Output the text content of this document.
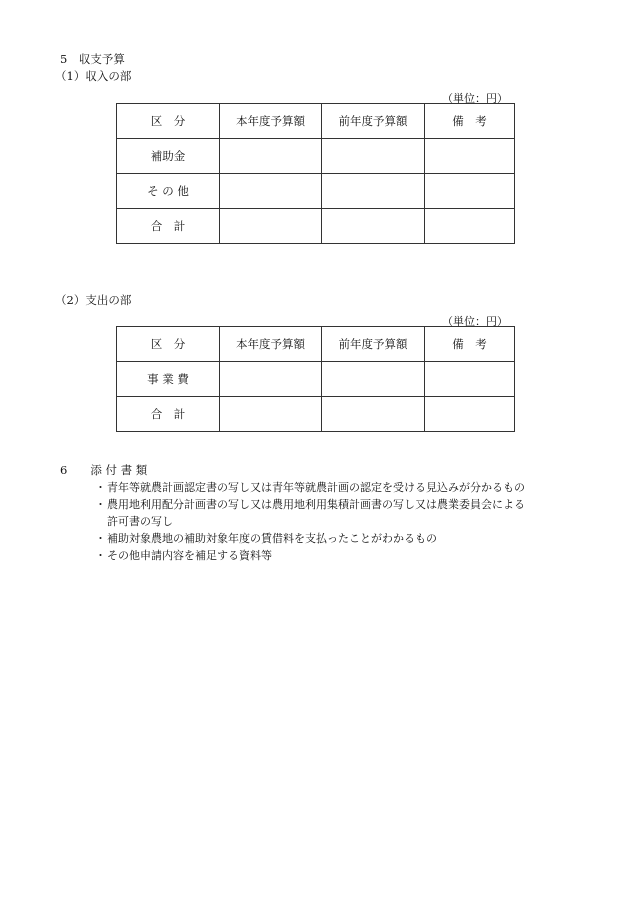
5　収支予算
（1）収入の部
（単位：円）
区　分	本年度予算額	前年度予算額	備　考
補助金			
そ の 他			
合　計			
（2）支出の部
（単位：円）
区　分	本年度予算額	前年度予算額	備　考
事 業 費			
合　計			
6　　添 付 書 類
・ 青年等就農計画認定書の写し又は青年等就農計画の認定を受ける見込みが分かるもの
・ 農用地利用配分計画書の写し又は農用地利用集積計画書の写し又は農業委員会による
許可書の写し
・ 補助対象農地の補助対象年度の賃借料を支払ったことがわかるもの
・ その他申請内容を補足する資料等
